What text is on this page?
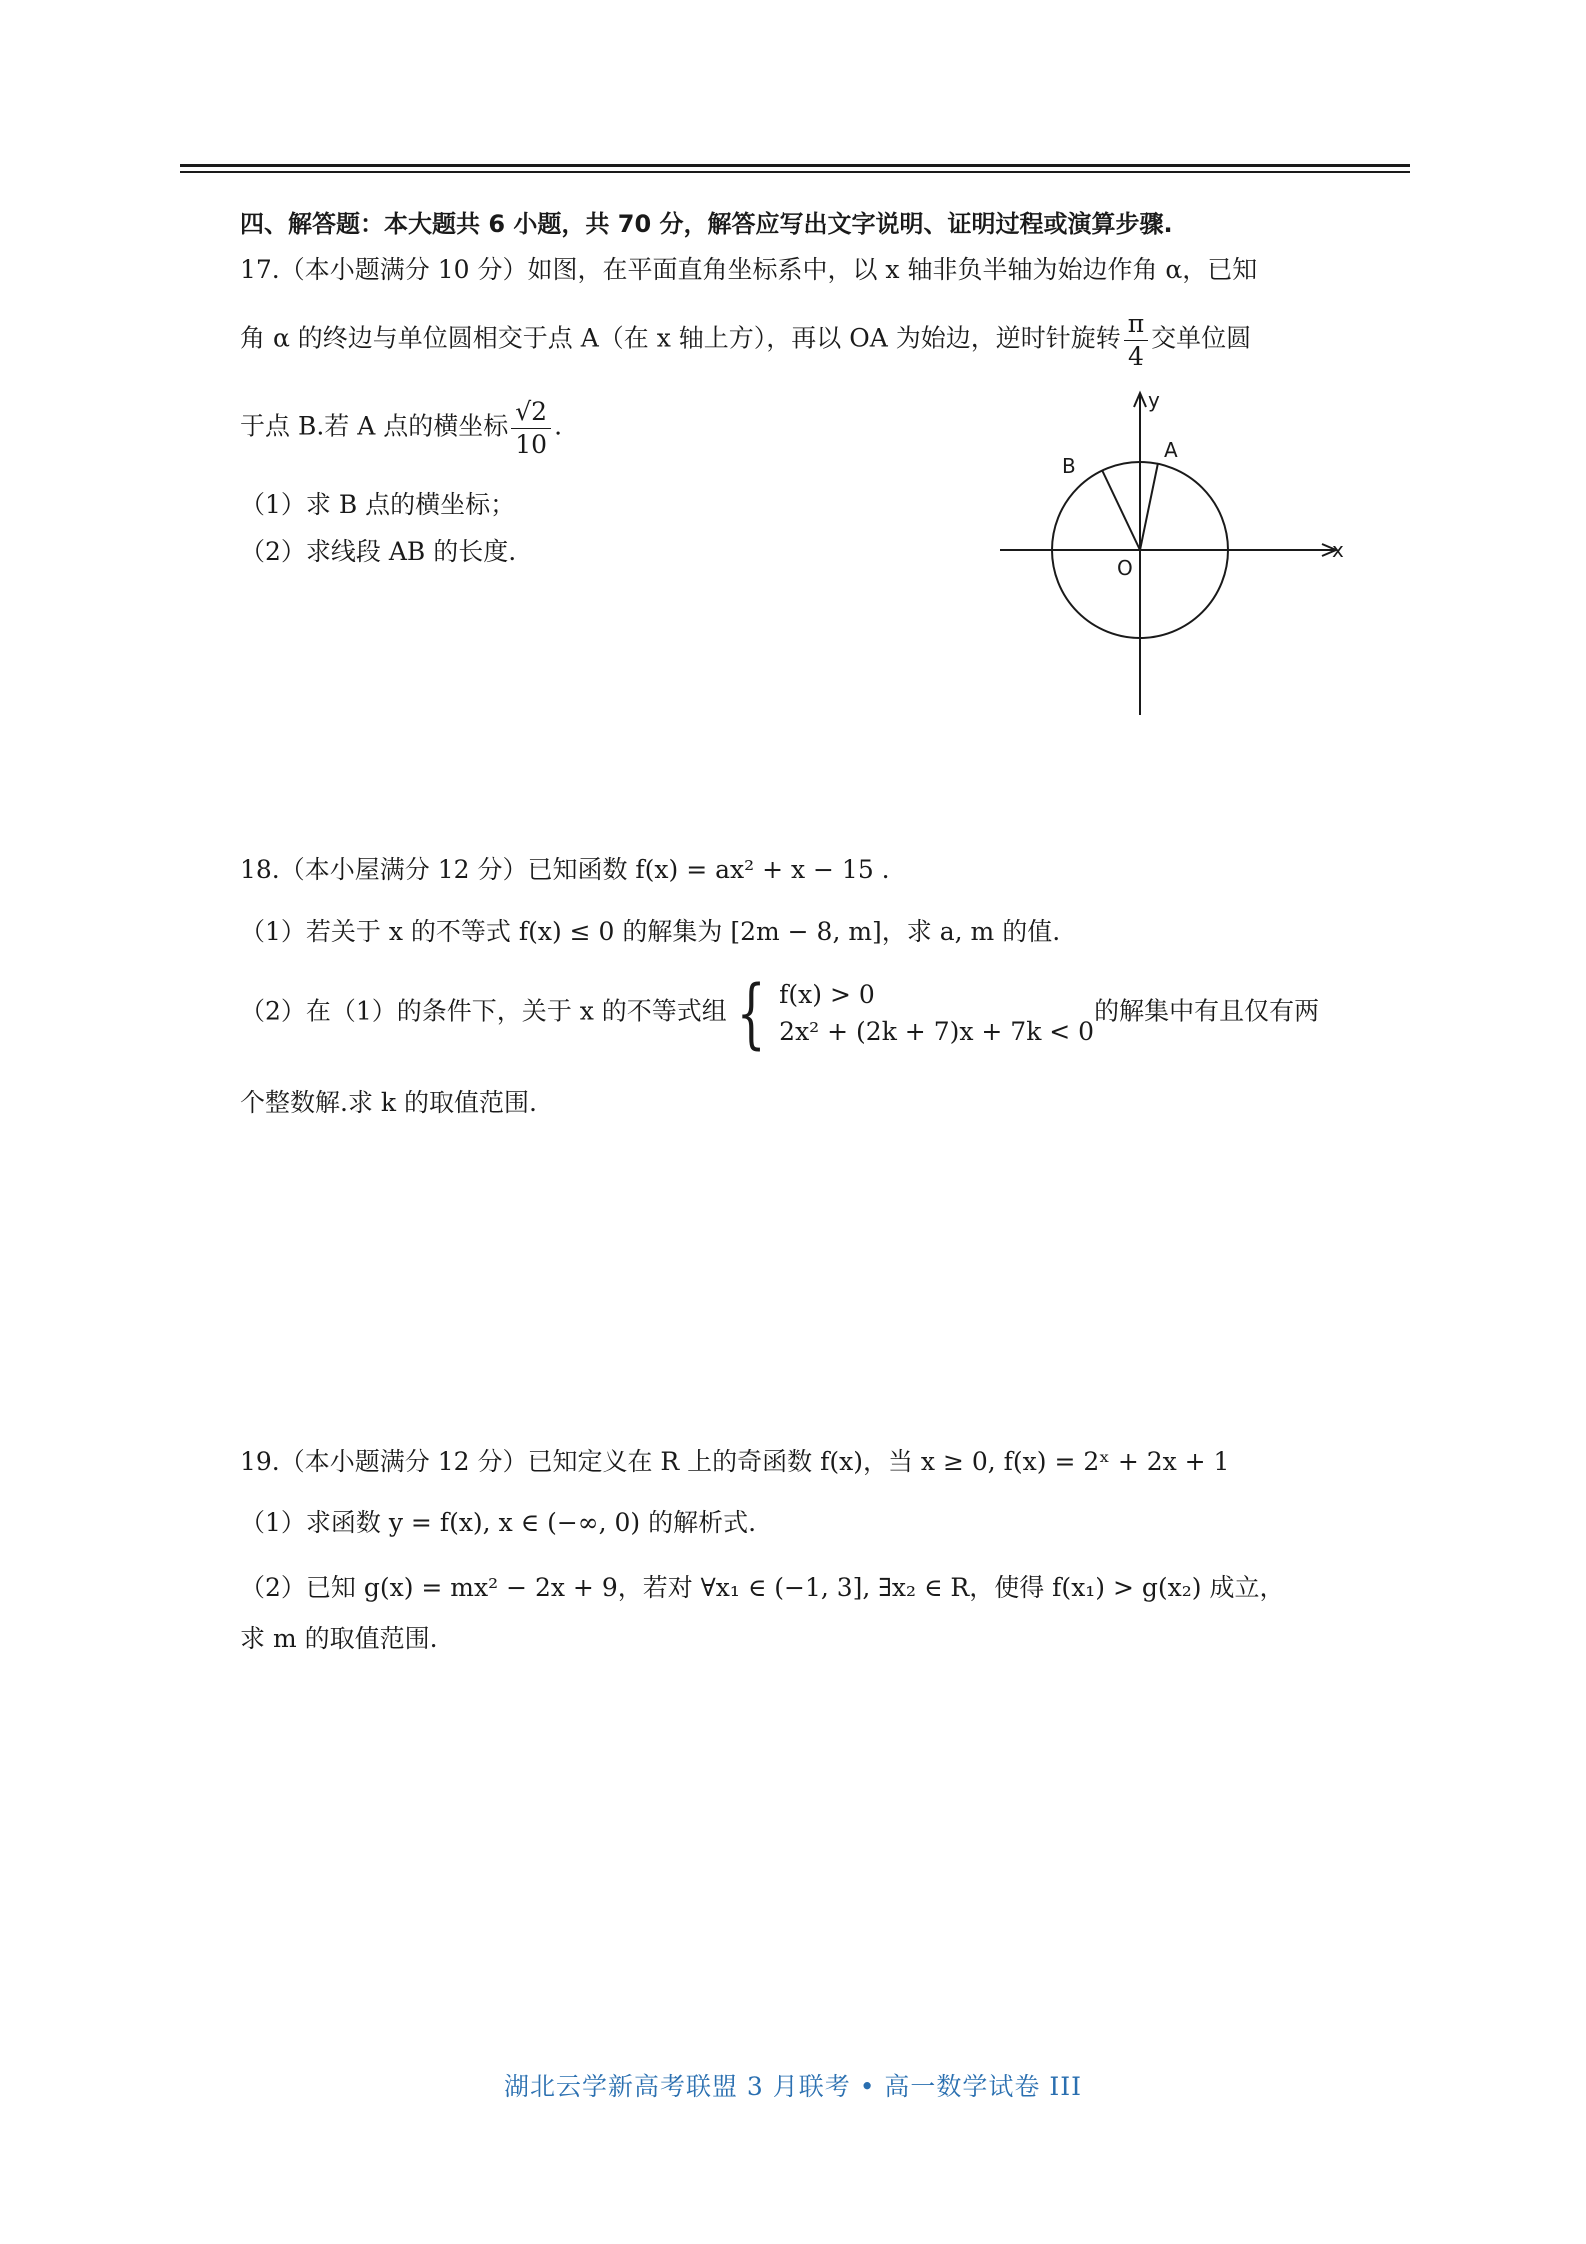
四、解答题：本大题共 6 小题，共 70 分，解答应写出文字说明、证明过程或演算步骤.
17.（本小题满分 10 分）如图，在平面直角坐标系中，以 x 轴非负半轴为始边作角 α，已知
角 α 的终边与单位圆相交于点 A（在 x 轴上方），再以 OA 为始边，逆时针旋转 $\frac{\pi}{4}$ 交单位圆
于点 B.若 A 点的横坐标 $\frac{√2}{10}$ .
（1）求 B 点的横坐标；
（2）求线段 AB 的长度.
y
x
O
A
B
18.（本小屋满分 12 分）已知函数 f(x) = ax² + x − 15 .
（1）若关于 x 的不等式 f(x) ≤ 0 的解集为 [2m − 8, m]，求 a, m 的值.
（2）在（1）的条件下，关于 x 的不等式组 { f(x) > 0
2x² + (2k + 7)x + 7k < 0
的解集中有且仅有两
个整数解.求 k 的取值范围.
19.（本小题满分 12 分）已知定义在 R 上的奇函数 f(x)，当 x ≥ 0, f(x) = 2ˣ + 2x + 1
（1）求函数 y = f(x), x ∈ (−∞, 0) 的解析式.
（2）已知 g(x) = mx² − 2x + 9，若对 ∀x₁ ∈ (−1, 3], ∃x₂ ∈ R，使得 f(x₁) > g(x₂) 成立，
求 m 的取值范围.
湖北云学新高考联盟 3 月联考 • 高一数学试卷 III
